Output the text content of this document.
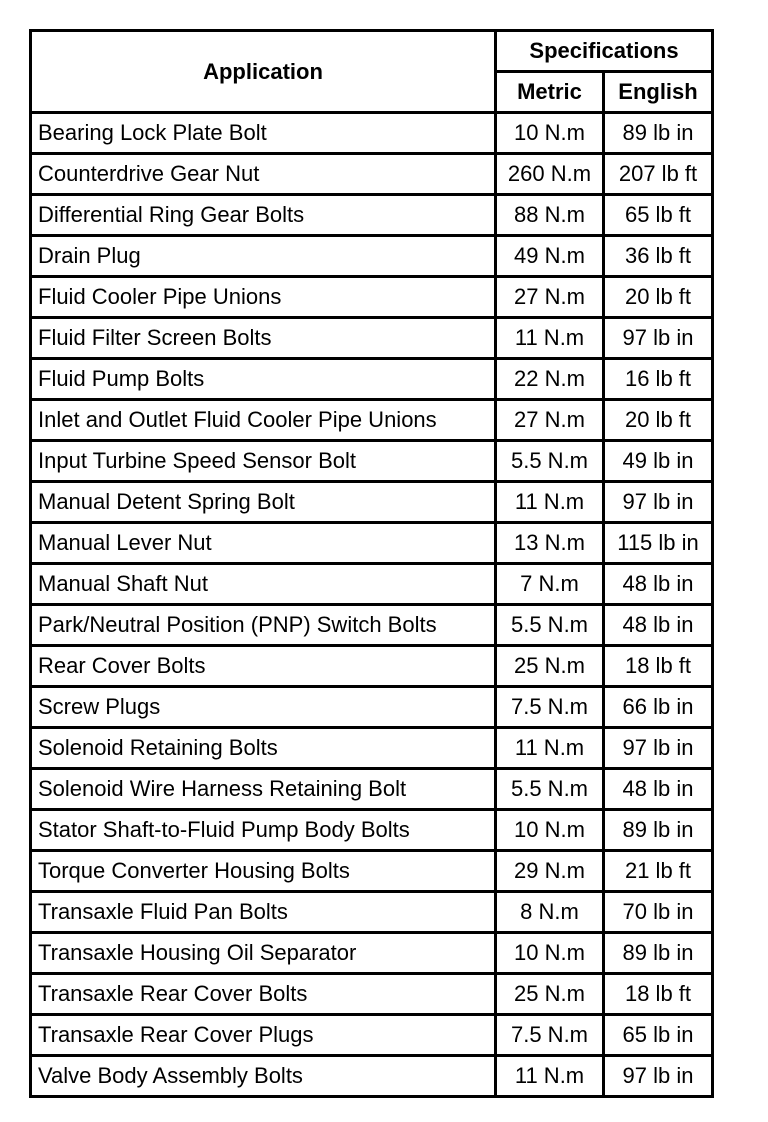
Application	Specifications	
	Metric	English
Bearing Lock Plate Bolt	10 N.m	89 lb in
Counterdrive Gear Nut	260 N.m	207 lb ft
Differential Ring Gear Bolts	88 N.m	65 lb ft
Drain Plug	49 N.m	36 lb ft
Fluid Cooler Pipe Unions	27 N.m	20 lb ft
Fluid Filter Screen Bolts	11 N.m	97 lb in
Fluid Pump Bolts	22 N.m	16 lb ft
Inlet and Outlet Fluid Cooler Pipe Unions	27 N.m	20 lb ft
Input Turbine Speed Sensor Bolt	5.5 N.m	49 lb in
Manual Detent Spring Bolt	11 N.m	97 lb in
Manual Lever Nut	13 N.m	115 lb in
Manual Shaft Nut	7 N.m	48 lb in
Park/Neutral Position (PNP) Switch Bolts	5.5 N.m	48 lb in
Rear Cover Bolts	25 N.m	18 lb ft
Screw Plugs	7.5 N.m	66 lb in
Solenoid Retaining Bolts	11 N.m	97 lb in
Solenoid Wire Harness Retaining Bolt	5.5 N.m	48 lb in
Stator Shaft-to-Fluid Pump Body Bolts	10 N.m	89 lb in
Torque Converter Housing Bolts	29 N.m	21 lb ft
Transaxle Fluid Pan Bolts	8 N.m	70 lb in
Transaxle Housing Oil Separator	10 N.m	89 lb in
Transaxle Rear Cover Bolts	25 N.m	18 lb ft
Transaxle Rear Cover Plugs	7.5 N.m	65 lb in
Valve Body Assembly Bolts	11 N.m	97 lb in
